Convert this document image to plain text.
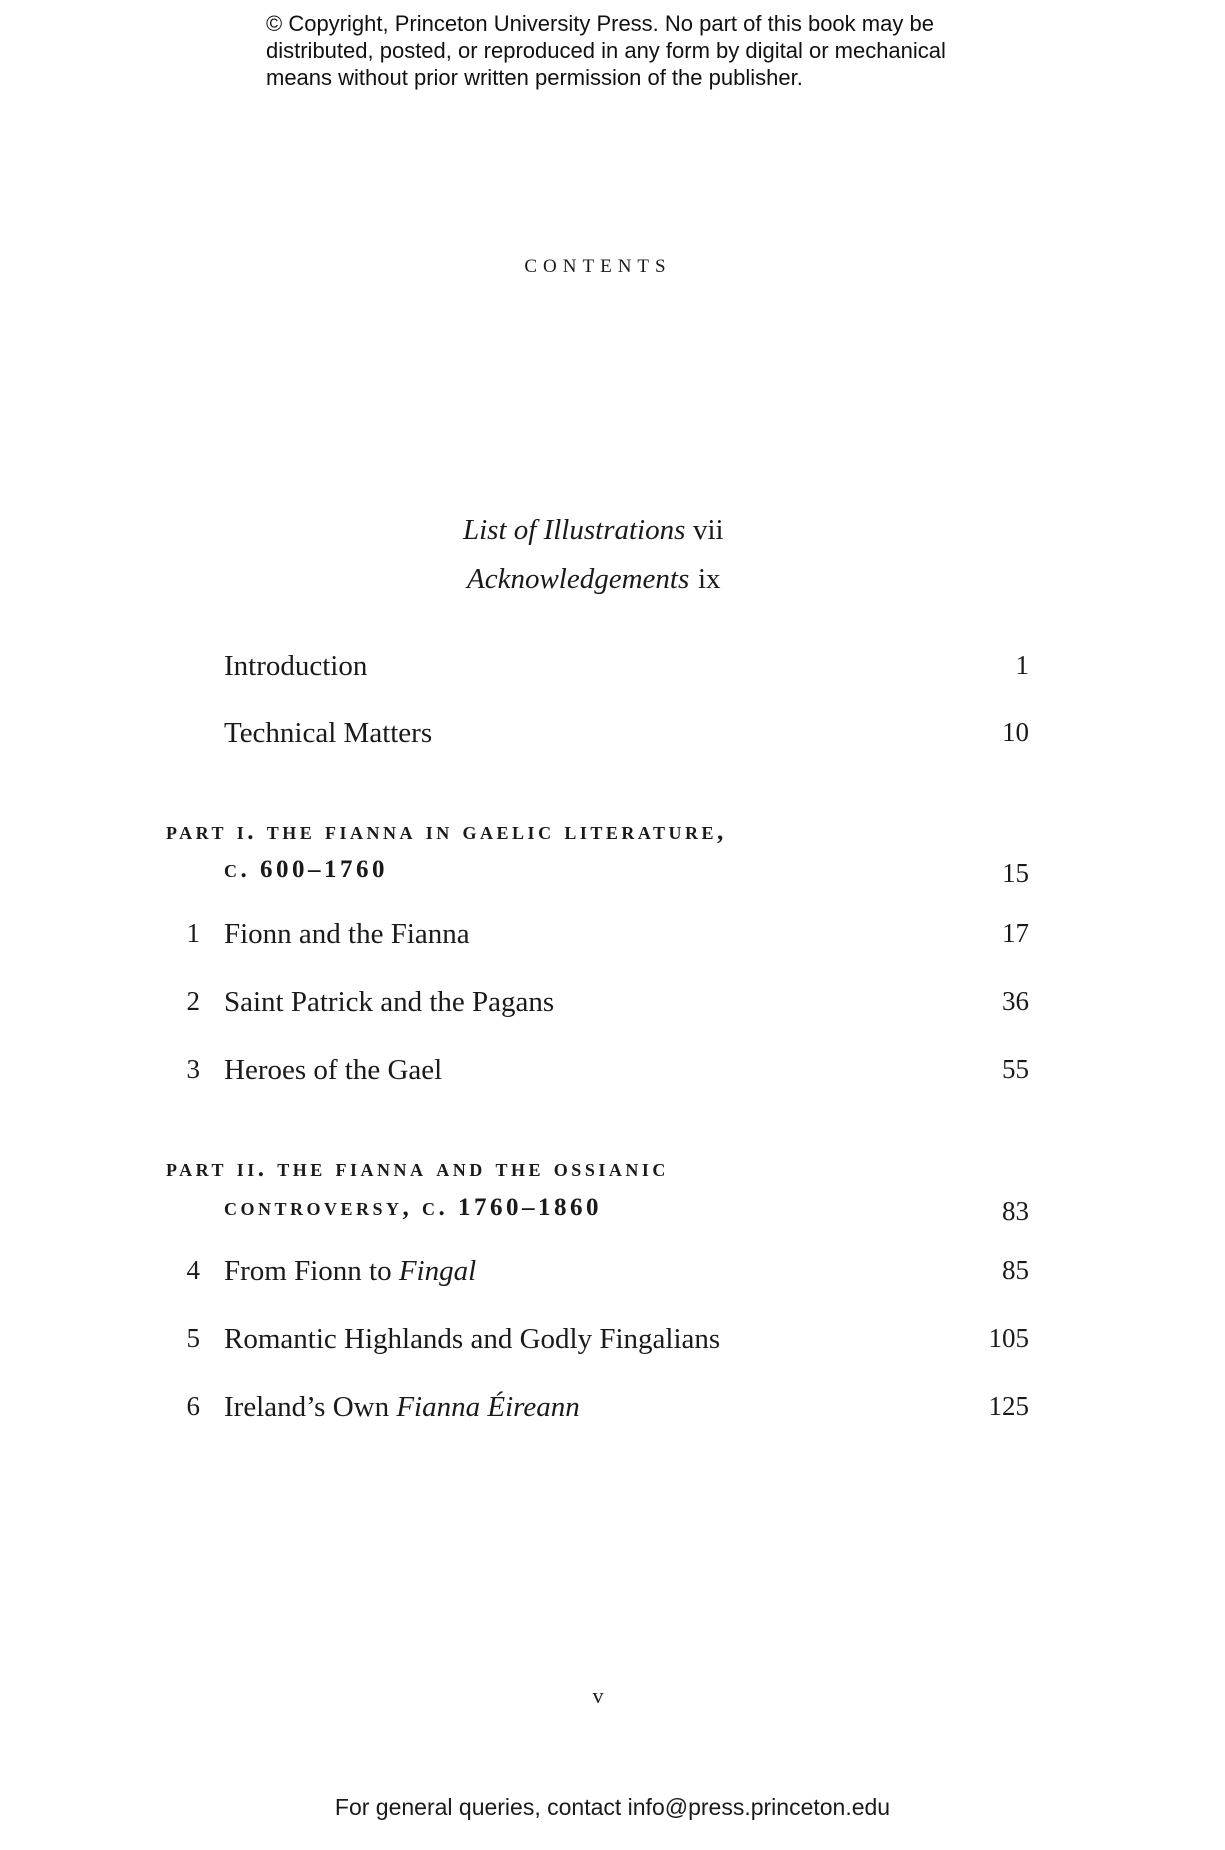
© Copyright, Princeton University Press. No part of this book may be
distributed, posted, or reproduced in any form by digital or mechanical
means without prior written permission of the publisher.
contents
List of Illustrations vii
Acknowledgements ix
Introduction	1
Technical Matters	10
part i. the fianna in gaelic literature,
c. 600–1760	15
1 Fionn and the Fianna	17
2 Saint Patrick and the Pagans	36
3 Heroes of the Gael	55
part ii. the fianna and the ossianic
controversy, c. 1760–1860	83
4 From Fionn to Fingal	85
5 Romantic Highlands and Godly Fingalians	105
6 Ireland’s Own Fianna Éireann	125
v
For general queries, contact info@press.princeton.edu
